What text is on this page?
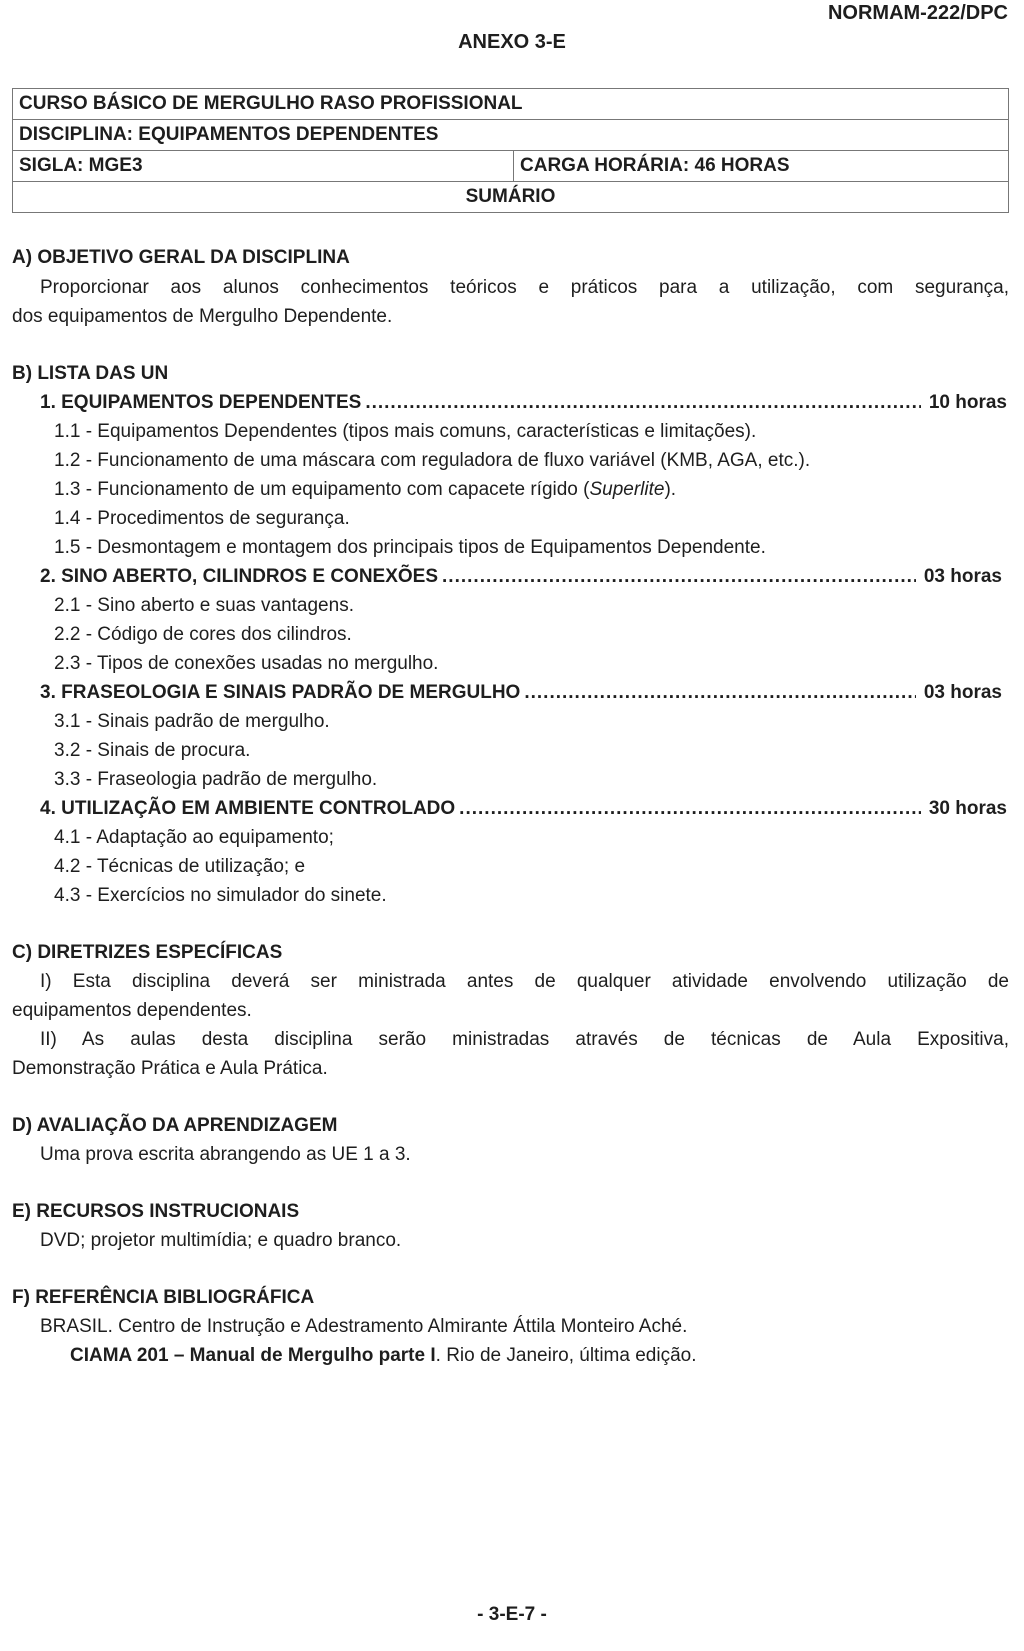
NORMAM-222/DPC
ANEXO 3-E
CURSO BÁSICO DE MERGULHO RASO PROFISSIONAL
DISCIPLINA: EQUIPAMENTOS DEPENDENTES
SIGLA: MGE3	CARGA HORÁRIA: 46 HORAS
SUMÁRIO
A) OBJETIVO GERAL DA DISCIPLINA
Proporcionar aos alunos conhecimentos teóricos e práticos para a utilização, com segurança,
dos equipamentos de Mergulho Dependente.
B) LISTA DAS UN
1. EQUIPAMENTOS DEPENDENTES .....	10 horas
1.1 - Equipamentos Dependentes (tipos mais comuns, características e limitações).
1.2 - Funcionamento de uma máscara com reguladora de fluxo variável (KMB, AGA, etc.).
1.3 - Funcionamento de um equipamento com capacete rígido (Superlite).
1.4 - Procedimentos de segurança.
1.5 - Desmontagem e montagem dos principais tipos de Equipamentos Dependente.
2. SINO ABERTO, CILINDROS E CONEXÕES .....	03 horas
2.1 - Sino aberto e suas vantagens.
2.2 - Código de cores dos cilindros.
2.3 - Tipos de conexões usadas no mergulho.
3. FRASEOLOGIA E SINAIS PADRÃO DE MERGULHO .....	03 horas
3.1 - Sinais padrão de mergulho.
3.2 - Sinais de procura.
3.3 - Fraseologia padrão de mergulho.
4. UTILIZAÇÃO EM AMBIENTE CONTROLADO .....	30 horas
4.1 - Adaptação ao equipamento;
4.2 - Técnicas de utilização; e
4.3 - Exercícios no simulador do sinete.
C) DIRETRIZES ESPECÍFICAS
I) Esta disciplina deverá ser ministrada antes de qualquer atividade envolvendo utilização de
equipamentos dependentes.
II) As aulas desta disciplina serão ministradas através de técnicas de Aula Expositiva,
Demonstração Prática e Aula Prática.
D) AVALIAÇÃO DA APRENDIZAGEM
Uma prova escrita abrangendo as UE 1 a 3.
E) RECURSOS INSTRUCIONAIS
DVD; projetor multimídia; e quadro branco.
F) REFERÊNCIA BIBLIOGRÁFICA
BRASIL. Centro de Instrução e Adestramento Almirante Áttila Monteiro Aché.
CIAMA 201 – Manual de Mergulho parte I. Rio de Janeiro, última edição.
- 3-E-7 -
